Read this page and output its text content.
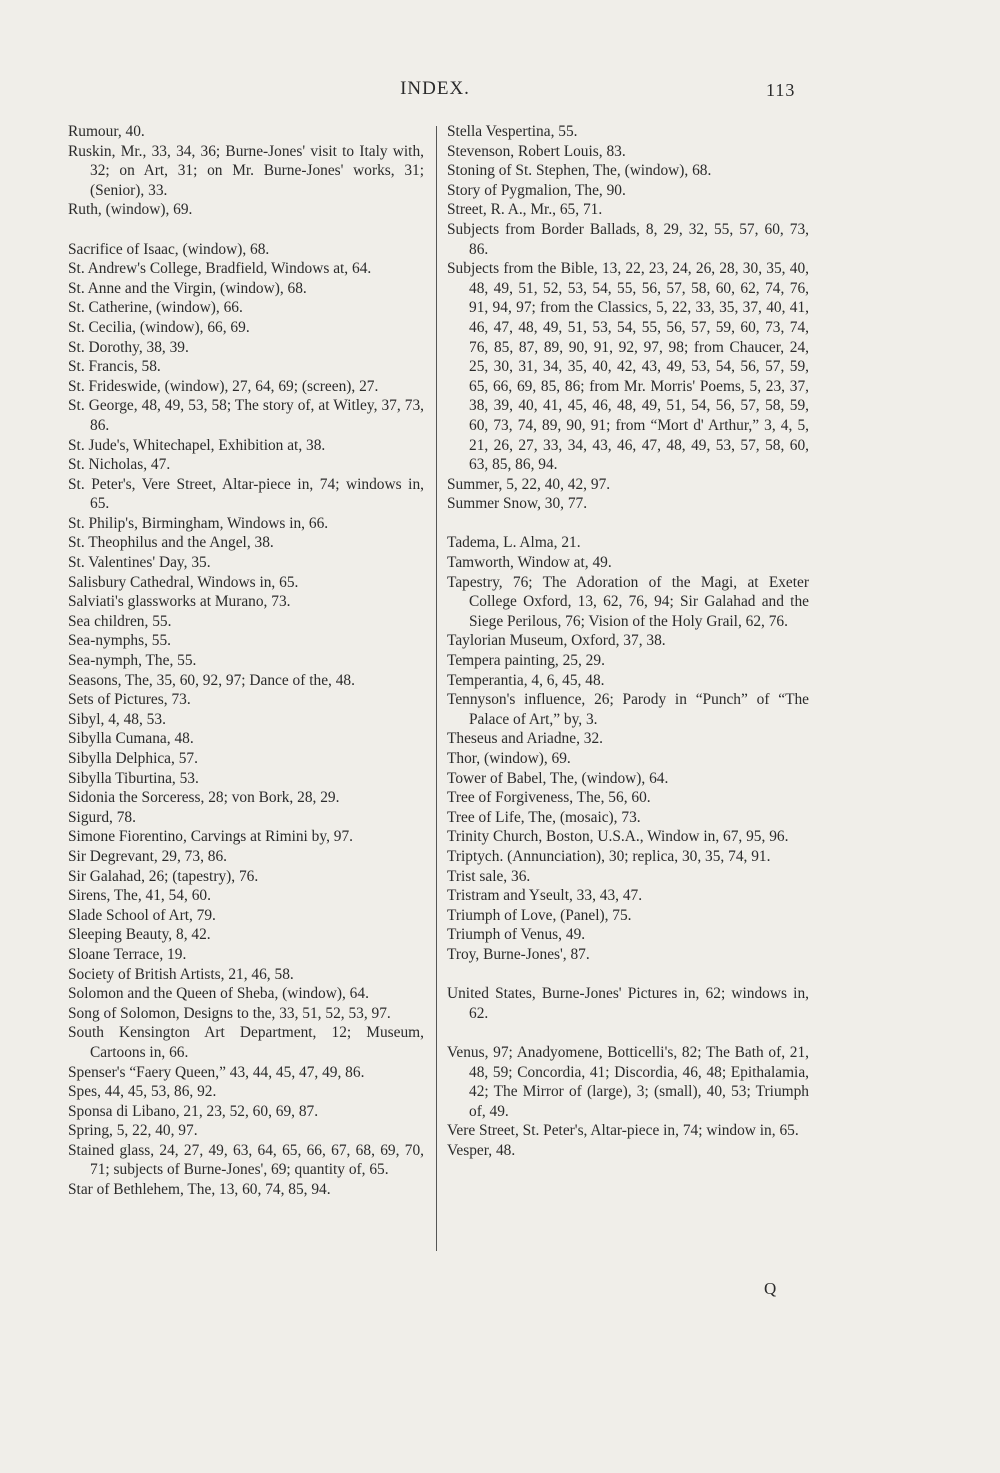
INDEX.	113

Rumour, 40.

Ruskin, Mr., 33, 34, 36; Burne-Jones' visit to Italy with, 32; on Art, 31; on Mr. Burne-Jones' works, 31; (Senior), 33.

Ruth, (window), 69.

Sacrifice of Isaac, (window), 68.

St. Andrew's College, Bradfield, Windows at, 64.

St. Anne and the Virgin, (window), 68.

St. Catherine, (window), 66.

St. Cecilia, (window), 66, 69.

St. Dorothy, 38, 39.

St. Francis, 58.

St. Frideswide, (window), 27, 64, 69; (screen), 27.

St. George, 48, 49, 53, 58; The story of, at Witley, 37, 73, 86.

St. Jude's, Whitechapel, Exhibition at, 38.

St. Nicholas, 47.

St. Peter's, Vere Street, Altar-piece in, 74; windows in, 65.

St. Philip's, Birmingham, Windows in, 66.

St. Theophilus and the Angel, 38.

St. Valentines' Day, 35.

Salisbury Cathedral, Windows in, 65.

Salviati's glassworks at Murano, 73.

Sea children, 55.

Sea-nymphs, 55.

Sea-nymph, The, 55.

Seasons, The, 35, 60, 92, 97; Dance of the, 48.

Sets of Pictures, 73.

Sibyl, 4, 48, 53.

Sibylla Cumana, 48.

Sibylla Delphica, 57.

Sibylla Tiburtina, 53.

Sidonia the Sorceress, 28; von Bork, 28, 29.

Sigurd, 78.

Simone Fiorentino, Carvings at Rimini by, 97.

Sir Degrevant, 29, 73, 86.

Sir Galahad, 26; (tapestry), 76.

Sirens, The, 41, 54, 60.

Slade School of Art, 79.

Sleeping Beauty, 8, 42.

Sloane Terrace, 19.

Society of British Artists, 21, 46, 58.

Solomon and the Queen of Sheba, (window), 64.

Song of Solomon, Designs to the, 33, 51, 52, 53, 97.

South Kensington Art Department, 12; Museum, Cartoons in, 66.

Spenser's “Faery Queen,” 43, 44, 45, 47, 49, 86.

Spes, 44, 45, 53, 86, 92.

Sponsa di Libano, 21, 23, 52, 60, 69, 87.

Spring, 5, 22, 40, 97.

Stained glass, 24, 27, 49, 63, 64, 65, 66, 67, 68, 69, 70, 71; subjects of Burne-Jones', 69; quantity of, 65.

Star of Bethlehem, The, 13, 60, 74, 85, 94.

Stella Vespertina, 55.

Stevenson, Robert Louis, 83.

Stoning of St. Stephen, The, (window), 68.

Story of Pygmalion, The, 90.

Street, R. A., Mr., 65, 71.

Subjects from Border Ballads, 8, 29, 32, 55, 57, 60, 73, 86.

Subjects from the Bible, 13, 22, 23, 24, 26, 28, 30, 35, 40, 48, 49, 51, 52, 53, 54, 55, 56, 57, 58, 60, 62, 74, 76, 91, 94, 97; from the Classics, 5, 22, 33, 35, 37, 40, 41, 46, 47, 48, 49, 51, 53, 54, 55, 56, 57, 59, 60, 73, 74, 76, 85, 87, 89, 90, 91, 92, 97, 98; from Chaucer, 24, 25, 30, 31, 34, 35, 40, 42, 43, 49, 53, 54, 56, 57, 59, 65, 66, 69, 85, 86; from Mr. Morris' Poems, 5, 23, 37, 38, 39, 40, 41, 45, 46, 48, 49, 51, 54, 56, 57, 58, 59, 60, 73, 74, 89, 90, 91; from “Mort d' Arthur,” 3, 4, 5, 21, 26, 27, 33, 34, 43, 46, 47, 48, 49, 53, 57, 58, 60, 63, 85, 86, 94.

Summer, 5, 22, 40, 42, 97.

Summer Snow, 30, 77.

Tadema, L. Alma, 21.

Tamworth, Window at, 49.

Tapestry, 76; The Adoration of the Magi, at Exeter College Oxford, 13, 62, 76, 94; Sir Galahad and the Siege Perilous, 76; Vision of the Holy Grail, 62, 76.

Taylorian Museum, Oxford, 37, 38.

Tempera painting, 25, 29.

Temperantia, 4, 6, 45, 48.

Tennyson's influence, 26; Parody in “Punch” of “The Palace of Art,” by, 3.

Theseus and Ariadne, 32.

Thor, (window), 69.

Tower of Babel, The, (window), 64.

Tree of Forgiveness, The, 56, 60.

Tree of Life, The, (mosaic), 73.

Trinity Church, Boston, U.S.A., Window in, 67, 95, 96.

Triptych. (Annunciation), 30; replica, 30, 35, 74, 91.

Trist sale, 36.

Tristram and Yseult, 33, 43, 47.

Triumph of Love, (Panel), 75.

Triumph of Venus, 49.

Troy, Burne-Jones', 87.

United States, Burne-Jones' Pictures in, 62; windows in, 62.

Venus, 97; Anadyomene, Botticelli's, 82; The Bath of, 21, 48, 59; Concordia, 41; Discordia, 46, 48; Epithalamia, 42; The Mirror of (large), 3; (small), 40, 53; Triumph of, 49.

Vere Street, St. Peter's, Altar-piece in, 74; window in, 65.

Vesper, 48.

Q
